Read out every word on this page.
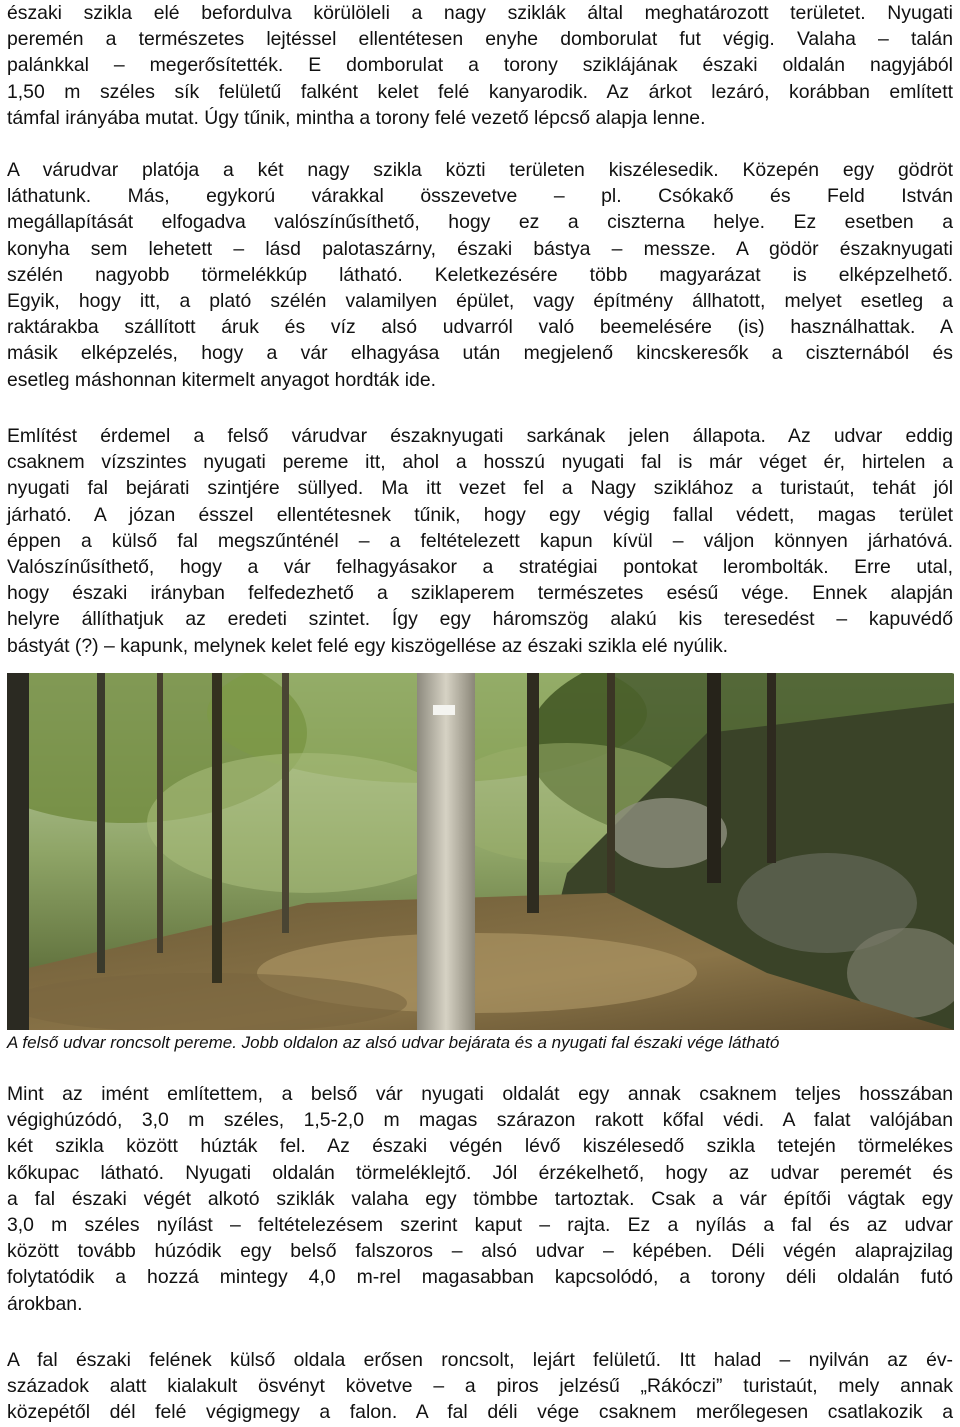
északi szikla elé befordulva körülöleli a nagy sziklák által meghatározott területet. Nyugati
peremén a természetes lejtéssel ellentétesen enyhe domborulat fut végig. Valaha – talán
palánkkal – megerősítették. E domborulat a torony sziklájának északi oldalán nagyjából
1,50 m széles sík felületű falként kelet felé kanyarodik. Az árkot lezáró, korábban említett
támfal irányába mutat. Úgy tűnik, mintha a torony felé vezető lépcső alapja lenne.
A várudvar platója a két nagy szikla közti területen kiszélesedik. Közepén egy gödröt
láthatunk. Más, egykorú várakkal összevetve – pl. Csókakő és Feld István
megállapítását elfogadva valószínűsíthető, hogy ez a ciszterna helye. Ez esetben a
konyha sem lehetett – lásd palotaszárny, északi bástya – messze. A gödör északnyugati
szélén nagyobb törmelékkúp látható. Keletkezésére több magyarázat is elképzelhető.
Egyik, hogy itt, a plató szélén valamilyen épület, vagy építmény állhatott, melyet esetleg a
raktárakba szállított áruk és víz alsó udvarról való beemelésére (is) használhattak. A
másik elképzelés, hogy a vár elhagyása után megjelenő kincskeresők a ciszternából és
esetleg máshonnan kitermelt anyagot hordták ide.
Említést érdemel a felső várudvar északnyugati sarkának jelen állapota. Az udvar eddig
csaknem vízszintes nyugati pereme itt, ahol a hosszú nyugati fal is már véget ér, hirtelen a
nyugati fal bejárati szintjére süllyed. Ma itt vezet fel a Nagy sziklához a turistaút, tehát jól
járható. A józan ésszel ellentétesnek tűnik, hogy egy végig fallal védett, magas terület
éppen a külső fal megszűnténél – a feltételezett kapun kívül – váljon könnyen járhatóvá.
Valószínűsíthető, hogy a vár felhagyásakor a stratégiai pontokat lerombolták. Erre utal,
hogy északi irányban felfedezhető a sziklaperem természetes esésű vége. Ennek alapján
helyre állíthatjuk az eredeti szintet. Így egy háromszög alakú kis teresedést – kapuvédő
bástyát (?) – kapunk, melynek kelet felé egy kiszögellése az északi szikla elé nyúlik.
A felső udvar roncsolt pereme. Jobb oldalon az alsó udvar bejárata és a nyugati fal északi vége látható
Mint az imént említettem, a belső vár nyugati oldalát egy annak csaknem teljes hosszában
végighúzódó, 3,0 m széles, 1,5-2,0 m magas szárazon rakott kőfal védi. A falat valójában
két szikla között húzták fel. Az északi végén lévő kiszélesedő szikla tetején törmelékes
kőkupac látható. Nyugati oldalán törmeléklejtő. Jól érzékelhető, hogy az udvar peremét és
a fal északi végét alkotó sziklák valaha egy tömbbe tartoztak. Csak a vár építői vágtak egy
3,0 m széles nyílást – feltételezésem szerint kaput – rajta. Ez a nyílás a fal és az udvar
között tovább húzódik egy belső falszoros – alsó udvar – képében. Déli végén alaprajzilag
folytatódik a hozzá mintegy 4,0 m-rel magasabban kapcsolódó, a torony déli oldalán futó
árokban.
A fal északi felének külső oldala erősen roncsolt, lejárt felületű. Itt halad – nyilván az év-
századok alatt kialakult ösvényt követve – a piros jelzésű „Rákóczi” turistaút, mely annak
közepétől dél felé végigmegy a falon. A fal déli vége csaknem merőlegesen csatlakozik a
